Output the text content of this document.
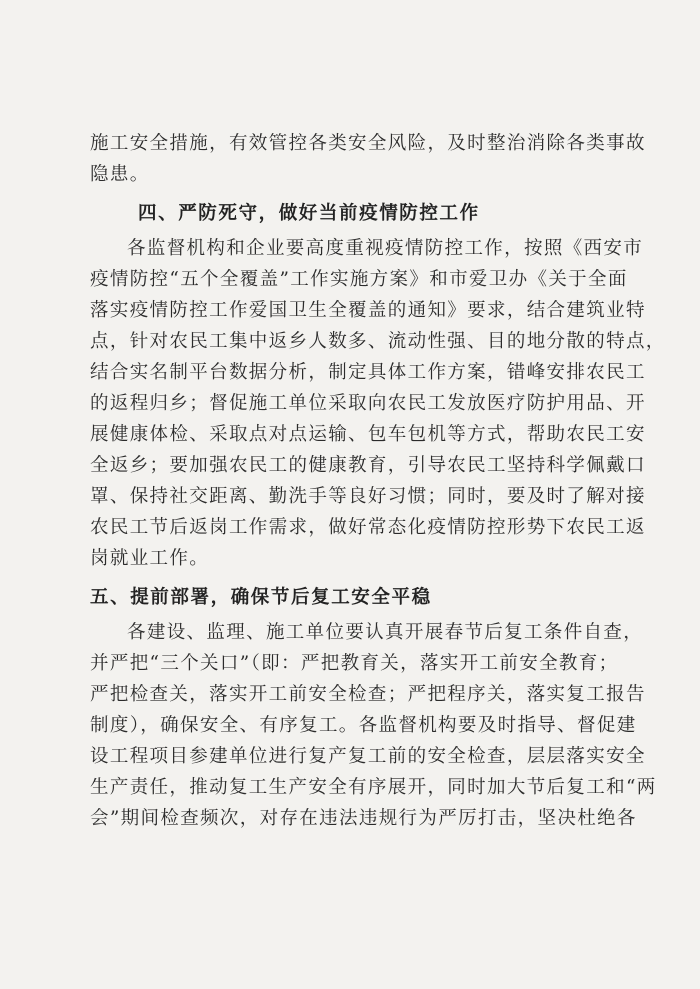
施工安全措施，有效管控各类安全风险，及时整治消除各类事故
隐患。
四、严防死守，做好当前疫情防控工作
各监督机构和企业要高度重视疫情防控工作，按照《西安市
疫情防控“五个全覆盖”工作实施方案》和市爱卫办《关于全面
落实疫情防控工作爱国卫生全覆盖的通知》要求，结合建筑业特
点，针对农民工集中返乡人数多、流动性强、目的地分散的特点，
结合实名制平台数据分析，制定具体工作方案，错峰安排农民工
的返程归乡；督促施工单位采取向农民工发放医疗防护用品、开
展健康体检、采取点对点运输、包车包机等方式，帮助农民工安
全返乡；要加强农民工的健康教育，引导农民工坚持科学佩戴口
罩、保持社交距离、勤洗手等良好习惯；同时，要及时了解对接
农民工节后返岗工作需求，做好常态化疫情防控形势下农民工返
岗就业工作。
五、提前部署，确保节后复工安全平稳
各建设、监理、施工单位要认真开展春节后复工条件自查，
并严把“三个关口”（即：严把教育关，落实开工前安全教育；
严把检查关，落实开工前安全检查；严把程序关，落实复工报告
制度），确保安全、有序复工。各监督机构要及时指导、督促建
设工程项目参建单位进行复产复工前的安全检查，层层落实安全
生产责任，推动复工生产安全有序展开，同时加大节后复工和“两
会”期间检查频次，对存在违法违规行为严厉打击，坚决杜绝各
